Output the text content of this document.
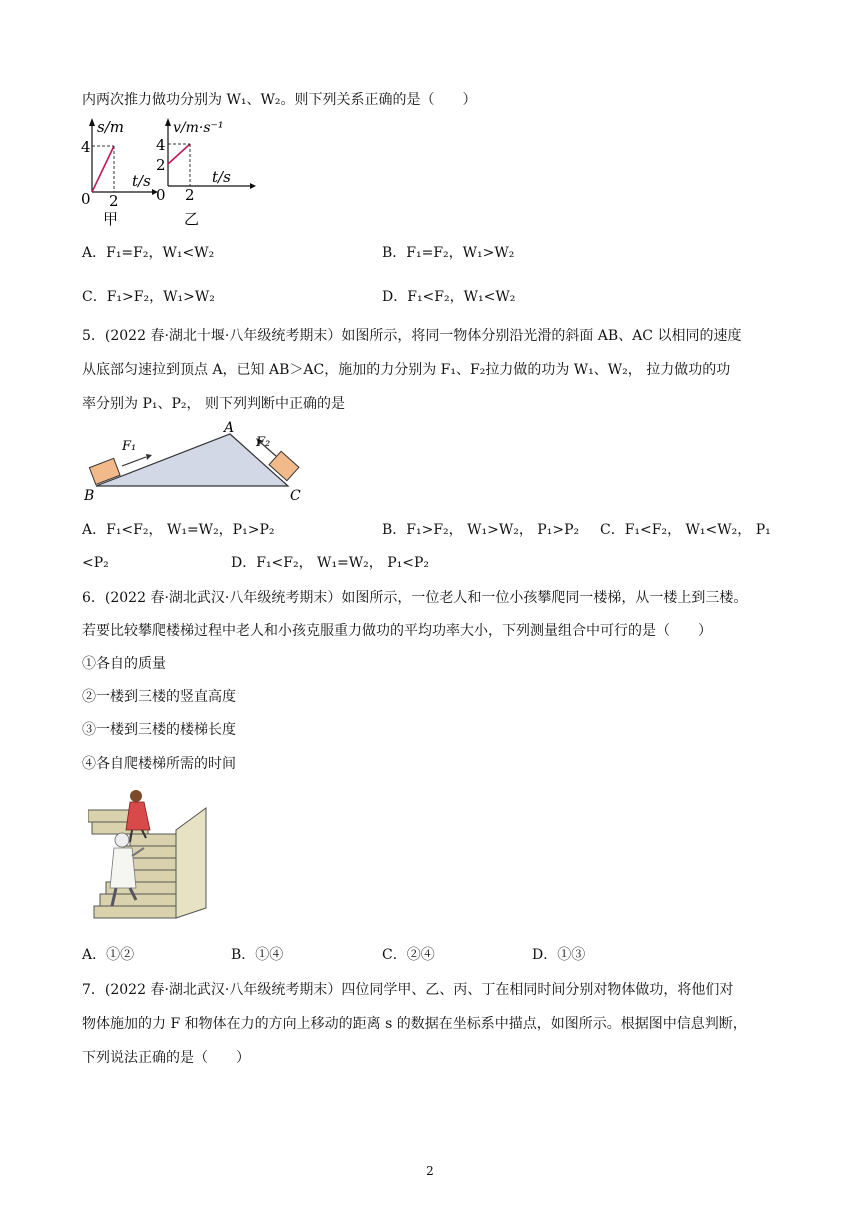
内两次推力做功分别为 W₁、W₂。则下列关系正确的是（　　）
s/m
4
0 2
t/s
甲
v/m·s⁻¹
4
2
0 2
t/s
乙
A．F₁=F₂，W₁<W₂	B．F₁=F₂，W₁>W₂
C．F₁>F₂，W₁>W₂	D．F₁<F₂，W₁<W₂
5．(2022 春·湖北十堰·八年级统考期末）如图所示，将同一物体分别沿光滑的斜面 AB、AC 以相同的速度
从底部匀速拉到顶点 A，已知 AB＞AC，施加的力分别为 F₁、F₂拉力做的功为 W₁、W₂， 拉力做功的功
率分别为 P₁、P₂， 则下列判断中正确的是
A
B	C
F₁	F₂
A．F₁<F₂， W₁=W₂，P₁>P₂	B．F₁>F₂， W₁>W₂， P₁>P₂ C．F₁<F₂， W₁<W₂， P₁
<P₂	D．F₁<F₂， W₁=W₂， P₁<P₂
6．(2022 春·湖北武汉·八年级统考期末）如图所示，一位老人和一位小孩攀爬同一楼梯，从一楼上到三楼。
若要比较攀爬楼梯过程中老人和小孩克服重力做功的平均功率大小，下列测量组合中可行的是（　　）
①各自的质量
②一楼到三楼的竖直高度
③一楼到三楼的楼梯长度
④各自爬楼梯所需的时间
A．①②	B．①④	C．②④	D．①③
7．(2022 春·湖北武汉·八年级统考期末）四位同学甲、乙、丙、丁在相同时间分别对物体做功，将他们对
物体施加的力 F 和物体在力的方向上移动的距离 s 的数据在坐标系中描点，如图所示。根据图中信息判断，
下列说法正确的是（　　）
2
